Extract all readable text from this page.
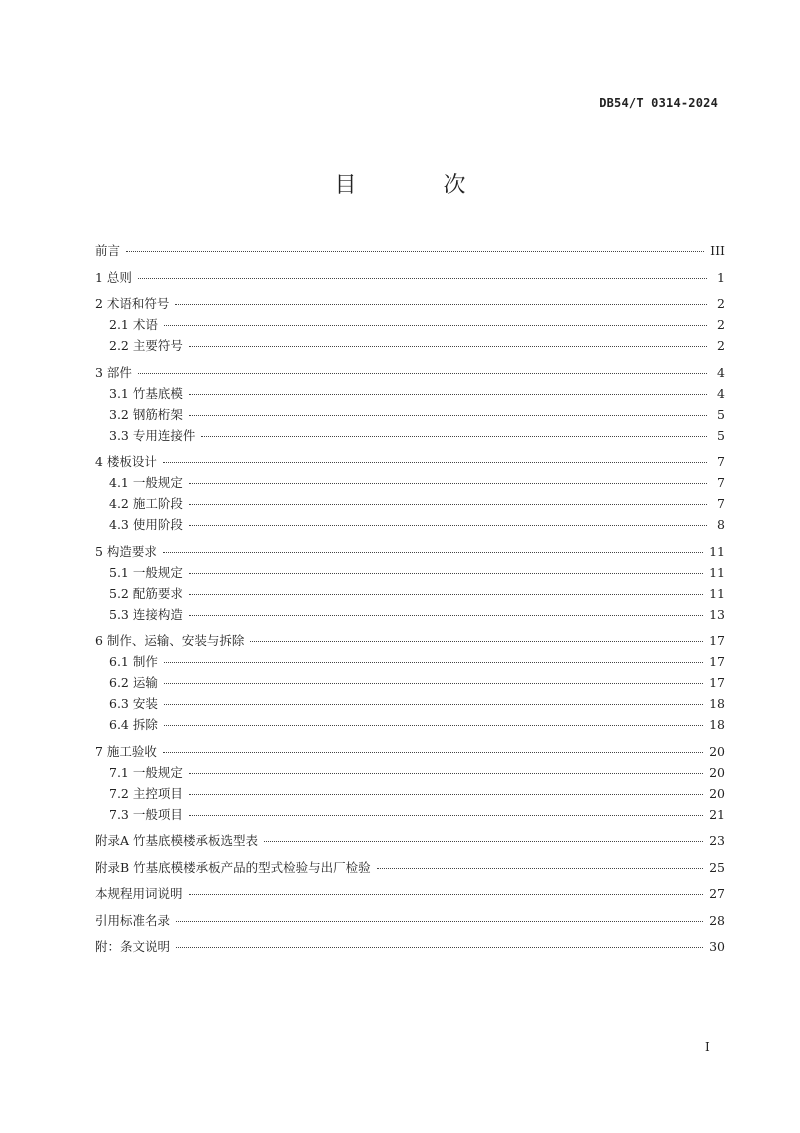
DB54/T 0314-2024
目 次
前言	III
1 总则	1
2 术语和符号	2
2.1 术语	2
2.2 主要符号	2
3 部件	4
3.1 竹基底模	4
3.2 钢筋桁架	5
3.3 专用连接件	5
4 楼板设计	7
4.1 一般规定	7
4.2 施工阶段	7
4.3 使用阶段	8
5 构造要求	11
5.1 一般规定	11
5.2 配筋要求	11
5.3 连接构造	13
6 制作、运输、安装与拆除	17
6.1 制作	17
6.2 运输	17
6.3 安装	18
6.4 拆除	18
7 施工验收	20
7.1 一般规定	20
7.2 主控项目	20
7.3 一般项目	21
附录A 竹基底模楼承板选型表	23
附录B 竹基底模楼承板产品的型式检验与出厂检验	25
本规程用词说明	27
引用标准名录	28
附：条文说明	30
I
